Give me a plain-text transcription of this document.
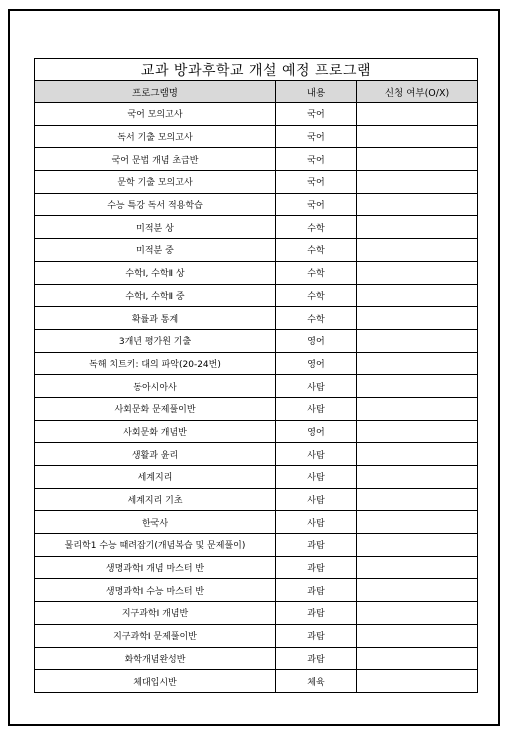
교과 방과후학교 개설 예정 프로그램		
프로그램명	내용	신청 여부(O/X)
국어 모의고사	국어	
독서 기출 모의고사	국어	
국어 문법 개념 초급반	국어	
문학 기출 모의고사	국어	
수능 특강 독서 적용학습	국어	
미적분 상	수학	
미적분 중	수학	
수학Ⅰ, 수학Ⅱ 상	수학	
수학Ⅰ, 수학Ⅱ 중	수학	
확률과 통계	수학	
3개년 평가원 기출	영어	
독해 치트키: 대의 파악(20-24번)	영어	
동아시아사	사탐	
사회문화 문제풀이반	사탐	
사회문화 개념반	영어	
생활과 윤리	사탐	
세계지리	사탐	
세계지리 기초	사탐	
한국사	사탐	
물리학1 수능 때려잡기(개념복습 및 문제풀이)	과탐	
생명과학Ⅰ 개념 마스터 반	과탐	
생명과학Ⅰ 수능 마스터 반	과탐	
지구과학Ⅰ 개념반	과탐	
지구과학Ⅰ 문제풀이반	과탐	
화학개념완성반	과탐	
체대입시반	체육	
